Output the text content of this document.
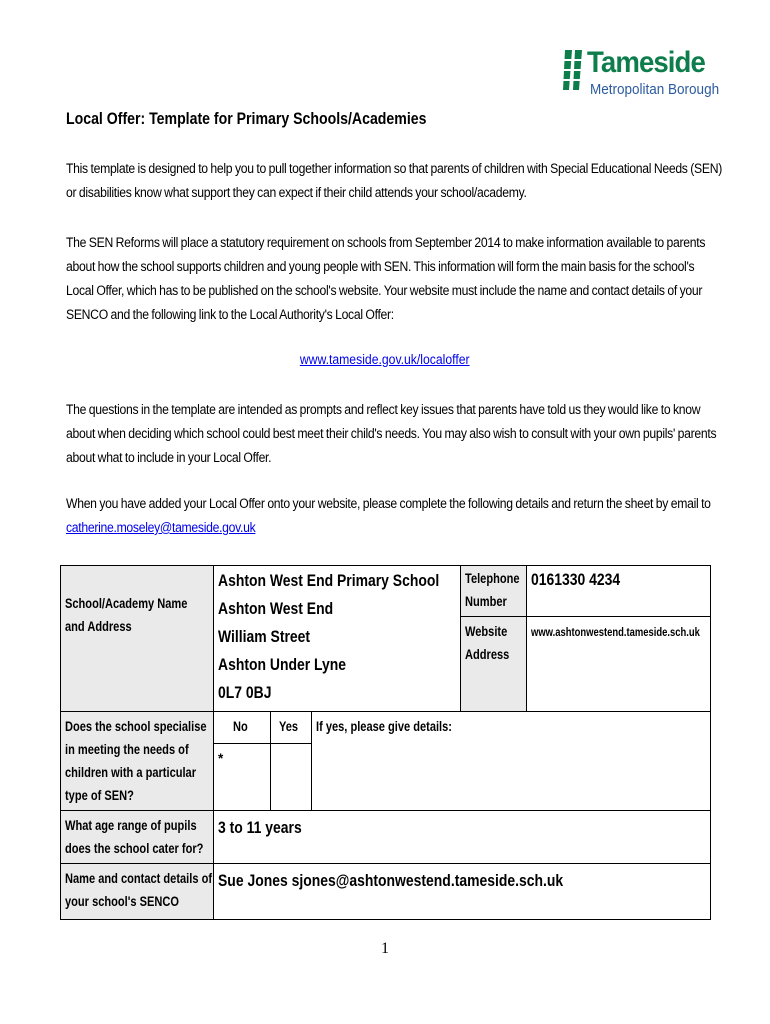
Tameside
Metropolitan Borough
Local Offer: Template for Primary Schools/Academies
This template is designed to help you to pull together information so that parents of children with Special Educational Needs (SEN)
or disabilities know what support they can expect if their child attends your school/academy.
The SEN Reforms will place a statutory requirement on schools from September 2014 to make information available to parents
about how the school supports children and young people with SEN. This information will form the main basis for the school's
Local Offer, which has to be published on the school's website. Your website must include the name and contact details of your
SENCO and the following link to the Local Authority's Local Offer:
www.tameside.gov.uk/localoffer
The questions in the template are intended as prompts and reflect key issues that parents have told us they would like to know
about when deciding which school could best meet their child's needs. You may also wish to consult with your own pupils' parents
about what to include in your Local Offer.
When you have added your Local Offer onto your website, please complete the following details and return the sheet by email to
catherine.moseley@tameside.gov.uk
School/Academy Name and Address	Ashton West End Primary School
Ashton West End
William Street
Ashton Under Lyne
0L7 0BJ			Telephone Number	0161330 4234

				Website Address	www.ashtonwestend.tameside.sch.uk

Does the school specialise in meeting the needs of children with a particular type of SEN?	No	Yes	If yes, please give details:		
	*				

What age range of pupils does the school cater for?	3 to 11 years				

Name and contact details of your school's SENCO	Sue Jones sjones@ashtonwestend.tameside.sch.uk				
1
